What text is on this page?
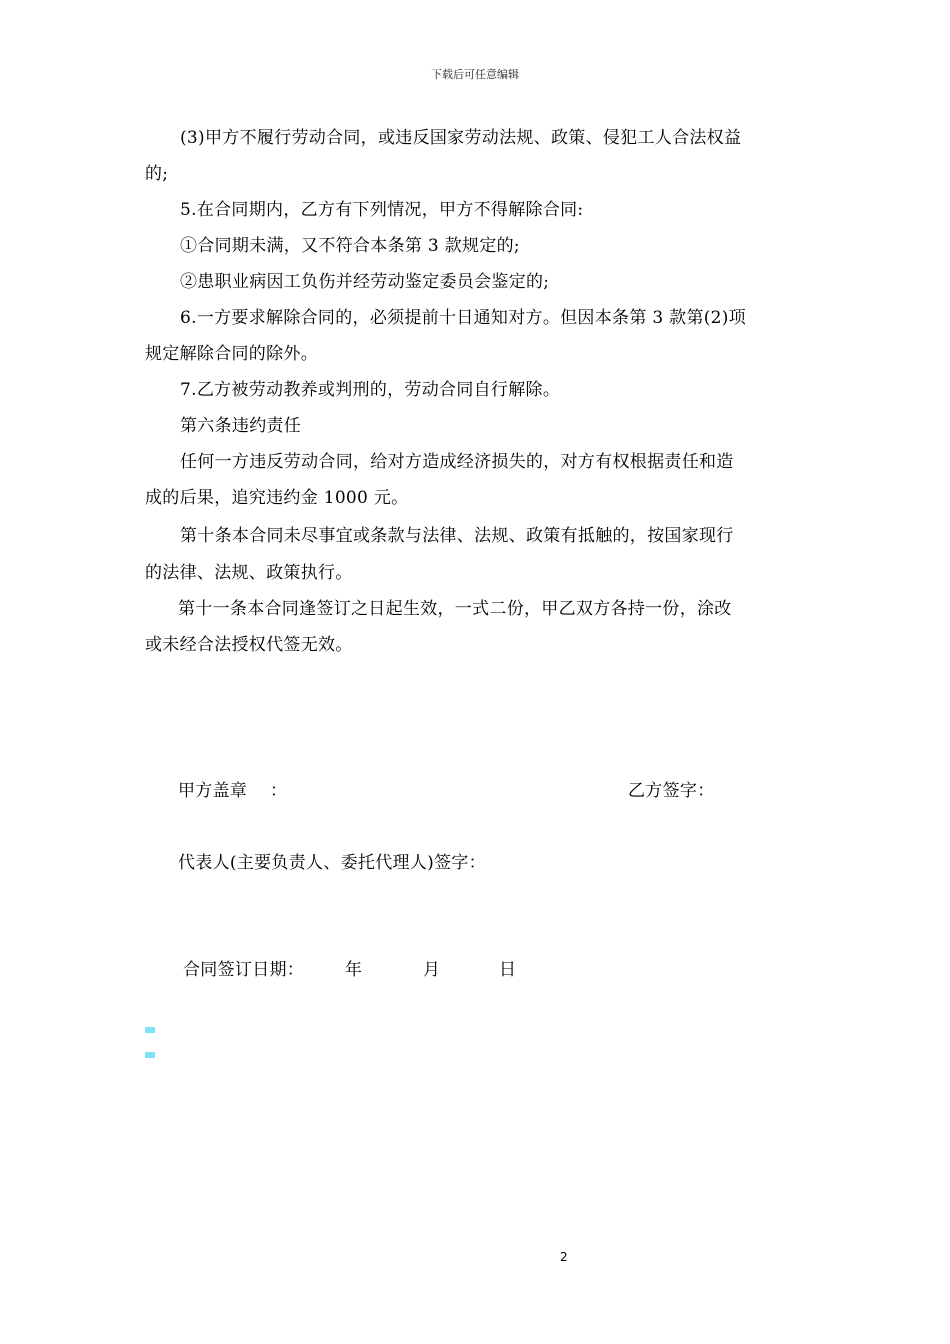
下载后可任意编辑
(3)甲方不履行劳动合同，或违反国家劳动法规、政策、侵犯工人合法权益
的;
5.在合同期内，乙方有下列情况，甲方不得解除合同:
①合同期未满，又不符合本条第 3 款规定的;
②患职业病因工负伤并经劳动鉴定委员会鉴定的;
6.一方要求解除合同的，必须提前十日通知对方。但因本条第 3 款第(2)项
规定解除合同的除外。
7.乙方被劳动教养或判刑的，劳动合同自行解除。
第六条违约责任
任何一方违反劳动合同，给对方造成经济损失的，对方有权根据责任和造
成的后果，追究违约金 1000 元。
第十条本合同未尽事宜或条款与法律、法规、政策有抵触的，按国家现行
的法律、法规、政策执行。
第十一条本合同逢签订之日起生效，一式二份，甲乙双方各持一份，涂改
或未经合法授权代签无效。
甲方盖章 ：	乙方签字：
代表人(主要负责人、委托代理人)签字：
合同签订日期： 年	月	日
2
